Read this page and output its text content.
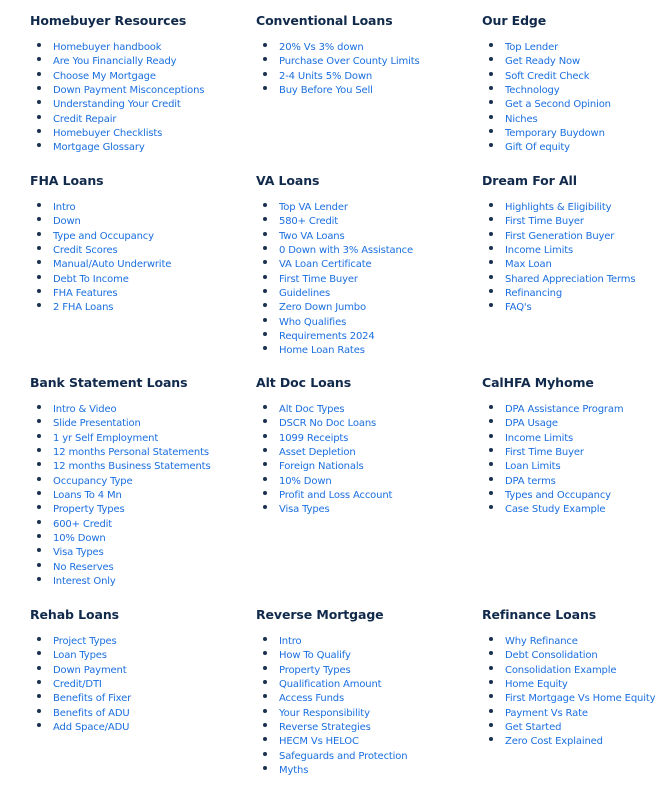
Homebuyer Resources
Homebuyer handbook
Are You Financially Ready
Choose My Mortgage
Down Payment Misconceptions
Understanding Your Credit
Credit Repair
Homebuyer Checklists
Mortgage Glossary
FHA Loans
Intro
Down
Type and Occupancy
Credit Scores
Manual/Auto Underwrite
Debt To Income
FHA Features
2 FHA Loans
Bank Statement Loans
Intro & Video
Slide Presentation
1 yr Self Employment
12 months Personal Statements
12 months Business Statements
Occupancy Type
Loans To 4 Mn
Property Types
600+ Credit
10% Down
Visa Types
No Reserves
Interest Only
Rehab Loans
Project Types
Loan Types
Down Payment
Credit/DTI
Benefits of Fixer
Benefits of ADU
Add Space/ADU
Conventional Loans
20% Vs 3% down
Purchase Over County Limits
2-4 Units 5% Down
Buy Before You Sell
VA Loans
Top VA Lender
580+ Credit
Two VA Loans
0 Down with 3% Assistance
VA Loan Certificate
First Time Buyer
Guidelines
Zero Down Jumbo
Who Qualifies
Requirements 2024
Home Loan Rates
Alt Doc Loans
Alt Doc Types
DSCR No Doc Loans
1099 Receipts
Asset Depletion
Foreign Nationals
10% Down
Profit and Loss Account
Visa Types
Reverse Mortgage
Intro
How To Qualify
Property Types
Qualification Amount
Access Funds
Your Responsibility
Reverse Strategies
HECM Vs HELOC
Safeguards and Protection
Myths
Our Edge
Top Lender
Get Ready Now
Soft Credit Check
Technology
Get a Second Opinion
Niches
Temporary Buydown
Gift Of equity
Dream For All
Highlights & Eligibility
First Time Buyer
First Generation Buyer
Income Limits
Max Loan
Shared Appreciation Terms
Refinancing
FAQ's
CalHFA Myhome
DPA Assistance Program
DPA Usage
Income Limits
First Time Buyer
Loan Limits
DPA terms
Types and Occupancy
Case Study Example
Refinance Loans
Why Refinance
Debt Consolidation
Consolidation Example
Home Equity
First Mortgage Vs Home Equity
Payment Vs Rate
Get Started
Zero Cost Explained
